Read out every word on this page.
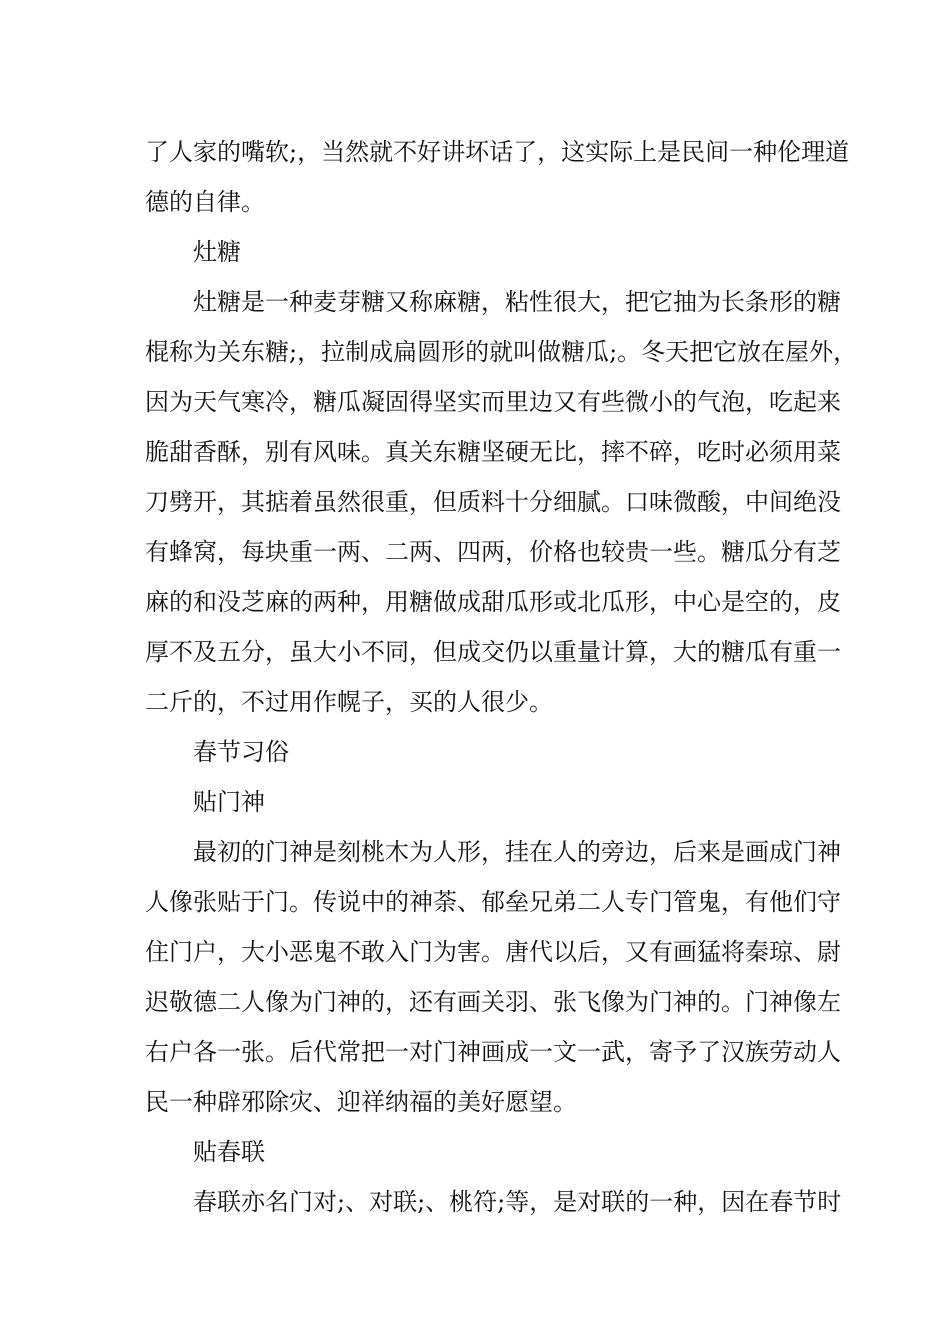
了人家的嘴软;，当然就不好讲坏话了，这实际上是民间一种伦理道
德的自律。
灶糖
灶糖是一种麦芽糖又称麻糖，粘性很大，把它抽为长条形的糖
棍称为关东糖;，拉制成扁圆形的就叫做糖瓜;。冬天把它放在屋外，
因为天气寒冷，糖瓜凝固得坚实而里边又有些微小的气泡，吃起来
脆甜香酥，别有风味。真关东糖坚硬无比，摔不碎，吃时必须用菜
刀劈开，其掂着虽然很重，但质料十分细腻。口味微酸，中间绝没
有蜂窝，每块重一两、二两、四两，价格也较贵一些。糖瓜分有芝
麻的和没芝麻的两种，用糖做成甜瓜形或北瓜形，中心是空的，皮
厚不及五分，虽大小不同，但成交仍以重量计算，大的糖瓜有重一
二斤的，不过用作幌子，买的人很少。
春节习俗
贴门神
最初的门神是刻桃木为人形，挂在人的旁边，后来是画成门神
人像张贴于门。传说中的神荼、郁垒兄弟二人专门管鬼，有他们守
住门户，大小恶鬼不敢入门为害。唐代以后，又有画猛将秦琼、尉
迟敬德二人像为门神的，还有画关羽、张飞像为门神的。门神像左
右户各一张。后代常把一对门神画成一文一武，寄予了汉族劳动人
民一种辟邪除灾、迎祥纳福的美好愿望。
贴春联
春联亦名门对;、对联;、桃符;等，是对联的一种，因在春节时
